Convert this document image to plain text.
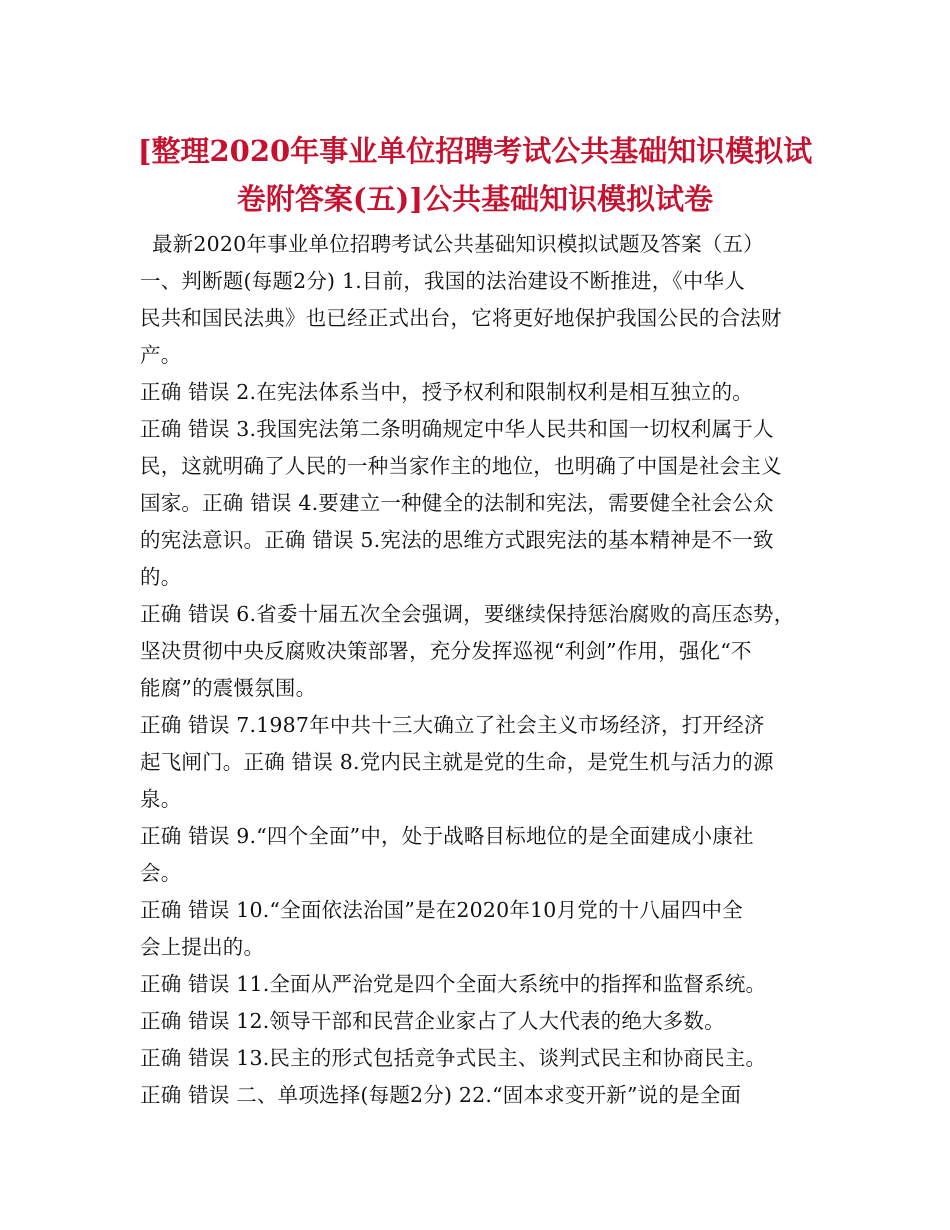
[整理2020年事业单位招聘考试公共基础知识模拟试
卷附答案(五)]公共基础知识模拟试卷
最新2020年事业单位招聘考试公共基础知识模拟试题及答案（五）
一、判断题(每题2分) 1.目前，我国的法治建设不断推进，《中华人
民共和国民法典》也已经正式出台，它将更好地保护我国公民的合法财
产。
正确 错误 2.在宪法体系当中，授予权利和限制权利是相互独立的。
正确 错误 3.我国宪法第二条明确规定中华人民共和国一切权利属于人
民，这就明确了人民的一种当家作主的地位，也明确了中国是社会主义
国家。正确 错误 4.要建立一种健全的法制和宪法，需要健全社会公众
的宪法意识。正确 错误 5.宪法的思维方式跟宪法的基本精神是不一致
的。
正确 错误 6.省委十届五次全会强调，要继续保持惩治腐败的高压态势，
坚决贯彻中央反腐败决策部署，充分发挥巡视“利剑”作用，强化“不
能腐”的震慑氛围。
正确 错误 7.1987年中共十三大确立了社会主义市场经济，打开经济
起飞闸门。正确 错误 8.党内民主就是党的生命，是党生机与活力的源
泉。
正确 错误 9.“四个全面”中，处于战略目标地位的是全面建成小康社
会。
正确 错误 10.“全面依法治国”是在2020年10月党的十八届四中全
会上提出的。
正确 错误 11.全面从严治党是四个全面大系统中的指挥和监督系统。
正确 错误 12.领导干部和民营企业家占了人大代表的绝大多数。
正确 错误 13.民主的形式包括竞争式民主、谈判式民主和协商民主。
正确 错误 二、单项选择(每题2分) 22.“固本求变开新”说的是全面
